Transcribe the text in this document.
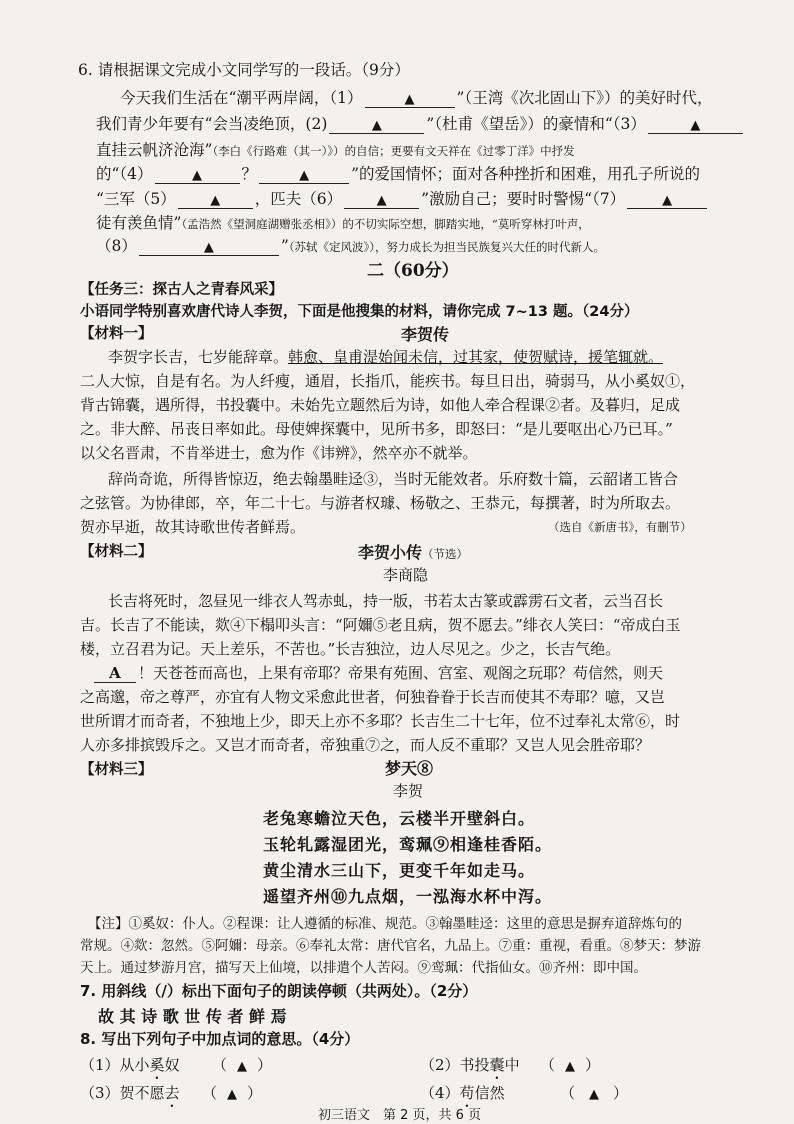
6. 请根据课文完成小文同学写的一段话。（9分）
今天我们生活在“潮平两岸阔，（1）	▲	”（王湾《次北固山下》）的美好时代，
我们青少年要有“会当凌绝顶，(2)	▲	”（杜甫《望岳》）的豪情和“（3）	▲
直挂云帆济沧海”（李白《行路难（其一）》）的自信；更要有文天祥在《过零丁洋》中抒发
的“（4）	▲	？	▲	”的爱国情怀；面对各种挫折和困难，用孔子所说的
“三军（5）	▲ ，匹夫（6）	▲ ”激励自己；要时时警惕“（7）	▲
徒有羡鱼情”（孟浩然《望洞庭湖赠张丞相》）的不切实际空想，脚踏实地，“莫听穿林打叶声，
（8）	▲	”（苏轼《定风波》），努力成长为担当民族复兴大任的时代新人。
二（60分）
【任务三：探古人之青春风采】
小语同学特别喜欢唐代诗人李贺，下面是他搜集的材料，请你完成 7~13 题。（24分）
【材料一】	李贺传
李贺字长吉，七岁能辞章。韩愈、皇甫湜始闻未信，过其家，使贺赋诗，援笔辄就。
二人大惊，自是有名。为人纤瘦，通眉，长指爪，能疾书。每旦日出，骑弱马，从小奚奴①，
背古锦囊，遇所得，书投囊中。未始先立题然后为诗，如他人牵合程课②者。及暮归，足成
之。非大醉、吊丧日率如此。母使婢探囊中，见所书多，即怒曰：“是儿要呕出心乃已耳。”
以父名晋肃，不肯举进士，愈为作《讳辨》，然卒亦不就举。
辞尚奇诡，所得皆惊迈，绝去翰墨畦迳③，当时无能效者。乐府数十篇，云韶诸工皆合
之弦管。为协律郎，卒，年二十七。与游者权璩、杨敬之、王恭元，每撰著，时为所取去。
贺亦早逝，故其诗歌世传者鲜焉。	（选自《新唐书》，有删节）
【材料二】	李贺小传（节选）
李商隐
长吉将死时，忽昼见一绯衣人驾赤虬，持一版，书若太古篆或霹雳石文者，云当召长
吉。长吉了不能读，欻④下榻叩头言：“阿嬭⑤老且病，贺不愿去。”绯衣人笑曰：“帝成白玉
楼，立召君为记。天上差乐，不苦也。”长吉独泣，边人尽见之。少之，长吉气绝。
A ！天苍苍而高也，上果有帝耶？帝果有苑囿、宫室、观阁之玩耶？苟信然，则天
之高邈，帝之尊严，亦宜有人物文采愈此世者，何独眷眷于长吉而使其不寿耶？噫，又岂
世所谓才而奇者，不独地上少，即天上亦不多耶？长吉生二十七年，位不过奉礼太常⑥，时
人亦多排摈毁斥之。又岂才而奇者，帝独重⑦之，而人反不重耶？又岂人见会胜帝耶？
【材料三】	梦天⑧
李贺
老兔寒蟾泣天色，云楼半开壁斜白。
玉轮轧露湿团光，鸾珮⑨相逢桂香陌。
黄尘清水三山下，更变千年如走马。
遥望齐州⑩九点烟，一泓海水杯中泻。
【注】①奚奴：仆人。②程课：让人遵循的标准、规范。③翰墨畦迳：这里的意思是摒弃道辞炼句的
常规。④欻：忽然。⑤阿嬭：母亲。⑥奉礼太常：唐代官名，九品上。⑦重：重视，看重。⑧梦天：梦游
天上。通过梦游月宫，描写天上仙境，以排遣个人苦闷。⑨鸾珮：代指仙女。⑩齐州：即中国。
7. 用斜线（/）标出下面句子的朗读停顿（共两处）。（2分）
故 其 诗 歌 世 传 者 鲜 焉
8. 写出下列句子中加点词的意思。（4分）
（1）从小奚奴 （ ▲ ）	（2）书投囊中 （ ▲ ）
（3）贺不愿去 （ ▲ ）	（4）苟信然	（ ▲ ）
初三语文　第 2 页，共 6 页
